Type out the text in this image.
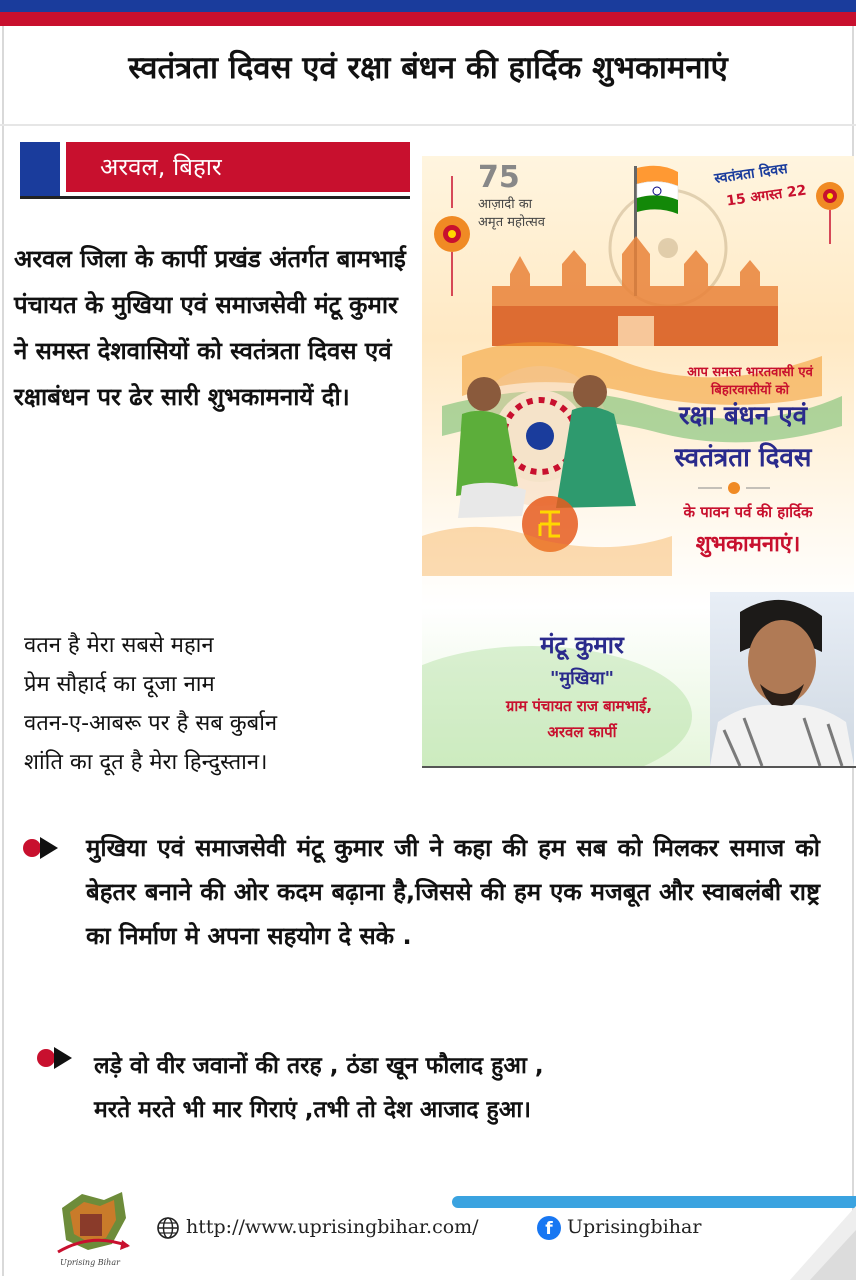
स्वतंत्रता दिवस एवं रक्षा बंधन की हार्दिक शुभकामनाएं
अरवल, बिहार
अरवल जिला के कार्पी प्रखंड अंतर्गत बामभाई पंचायत के मुखिया एवं समाजसेवी मंटू कुमार ने समस्त देशवासियों को स्वतंत्रता दिवस एवं रक्षाबंधन पर ढेर सारी शुभकामनायें दी।
वतन है मेरा सबसे महान
प्रेम सौहार्द का दूजा नाम
वतन-ए-आबरू पर है सब कुर्बान
शांति का दूत है मेरा हिन्दुस्तान।
75
आज़ादी का
अमृत महोत्सव
स्वतंत्रता दिवस
15 अगस्त 22
आप समस्त भारतवासी एवं
बिहारवासीयों को
रक्षा बंधन एवं
स्वतंत्रता दिवस
के पावन पर्व की हार्दिक
शुभकामनाएं।
मंटू कुमार
"मुखिया"
ग्राम पंचायत राज बामभाई,
अरवल कार्पी
मुखिया एवं समाजसेवी मंटू कुमार जी ने कहा की हम सब को मिलकर समाज को बेहतर बनाने की ओर कदम बढ़ाना है,जिससे की हम एक मजबूत और स्वाबलंबी राष्ट्र का निर्माण मे अपना सहयोग दे सके .
लड़े वो वीर जवानों की तरह , ठंडा खून फौलाद हुआ ,
मरते मरते भी मार गिराएं ,तभी तो देश आजाद हुआ।
Uprising Bihar
http://www.uprisingbihar.com/	f Uprisingbihar
